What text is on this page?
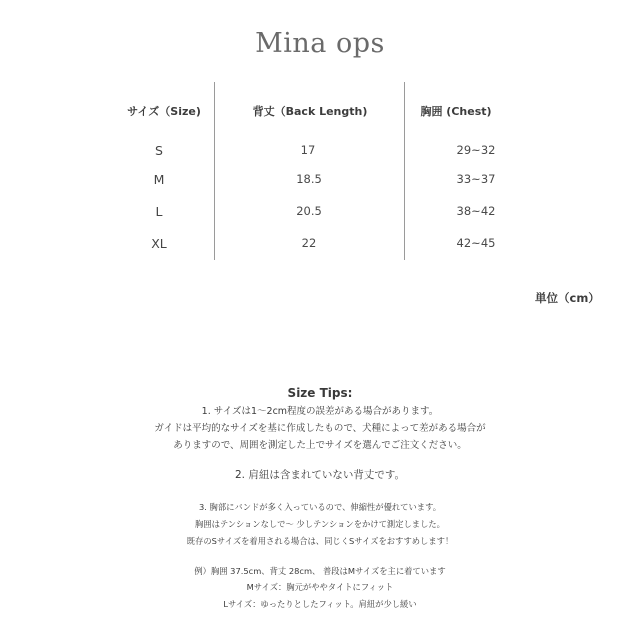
Mina ops
サイズ（Size)	背丈（Back Length)	胸囲 (Chest)
S	17	29~32
M	18.5	33~37
L	20.5	38~42
XL	22	42~45
単位（cm）
Size Tips:
1. サイズは1〜2cm程度の誤差がある場合があります。
ガイドは平均的なサイズを基に作成したもので、犬種によって差がある場合が
ありますので、周囲を測定した上でサイズを選んでご注文ください。
2. 肩紐は含まれていない背丈です。
3. 胸部にバンドが多く入っているので、伸縮性が優れています。
胸囲はテンションなしで〜 少しテンションをかけて測定しました。
既存のSサイズを着用される場合は、同じくSサイズをおすすめします！
例）胸囲 37.5cm、背丈 28cm、 普段はMサイズを主に着ています
Mサイズ：胸元がややタイトにフィット
Lサイズ：ゆったりとしたフィット。肩紐が少し緩い
